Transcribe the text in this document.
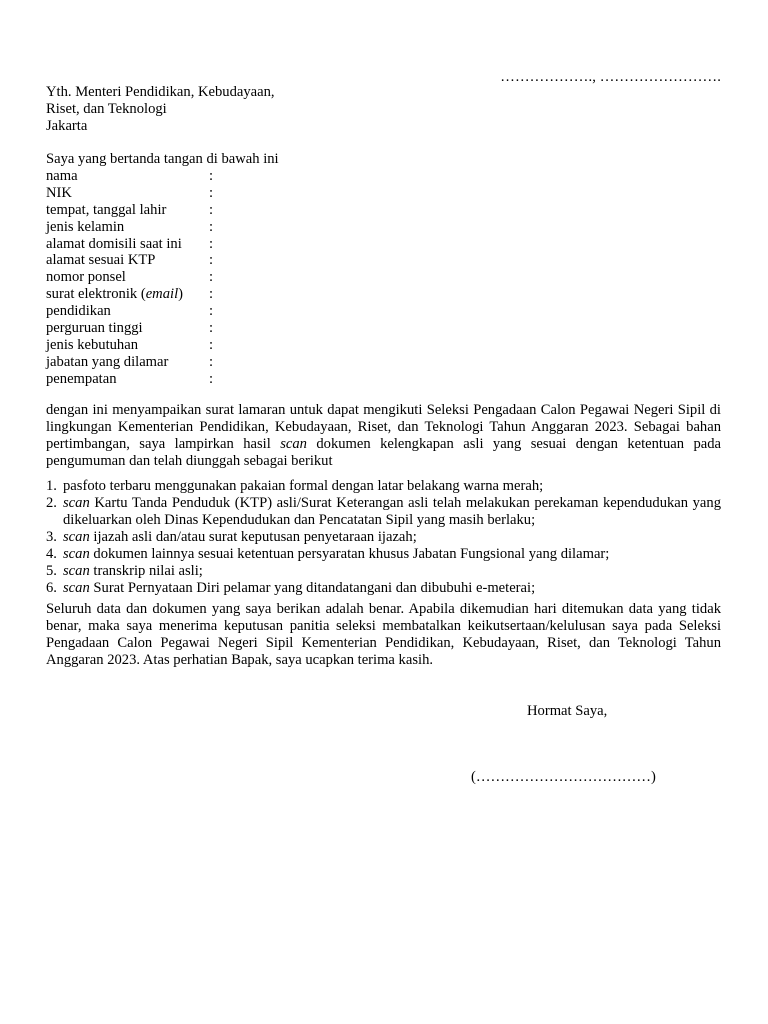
………………., …………………….
Yth. Menteri Pendidikan, Kebudayaan,
Riset, dan Teknologi
Jakarta
Saya yang bertanda tangan di bawah ini
nama	:
NIK	:
tempat, tanggal lahir	:
jenis kelamin	:
alamat domisili saat ini	:
alamat sesuai KTP	:
nomor ponsel	:
surat elektronik (email)	:
pendidikan	:
perguruan tinggi	:
jenis kebutuhan	:
jabatan yang dilamar	:
penempatan	:
dengan ini menyampaikan surat lamaran untuk dapat mengikuti Seleksi Pengadaan Calon Pegawai Negeri Sipil di lingkungan Kementerian Pendidikan, Kebudayaan, Riset, dan Teknologi Tahun Anggaran 2023. Sebagai bahan pertimbangan, saya lampirkan hasil scan dokumen kelengkapan asli yang sesuai dengan ketentuan pada pengumuman dan telah diunggah sebagai berikut
1. pasfoto terbaru menggunakan pakaian formal dengan latar belakang warna merah;
2. scan Kartu Tanda Penduduk (KTP) asli/Surat Keterangan asli telah melakukan perekaman kependudukan yang dikeluarkan oleh Dinas Kependudukan dan Pencatatan Sipil yang masih berlaku;
3. scan ijazah asli dan/atau surat keputusan penyetaraan ijazah;
4. scan dokumen lainnya sesuai ketentuan persyaratan khusus Jabatan Fungsional yang dilamar;
5. scan transkrip nilai asli;
6. scan Surat Pernyataan Diri pelamar yang ditandatangani dan dibubuhi e-meterai;
Seluruh data dan dokumen yang saya berikan adalah benar. Apabila dikemudian hari ditemukan data yang tidak benar, maka saya menerima keputusan panitia seleksi membatalkan keikutsertaan/kelulusan saya pada Seleksi Pengadaan Calon Pegawai Negeri Sipil Kementerian Pendidikan, Kebudayaan, Riset, dan Teknologi Tahun Anggaran 2023. Atas perhatian Bapak, saya ucapkan terima kasih.
Hormat Saya,
(………………………………)
